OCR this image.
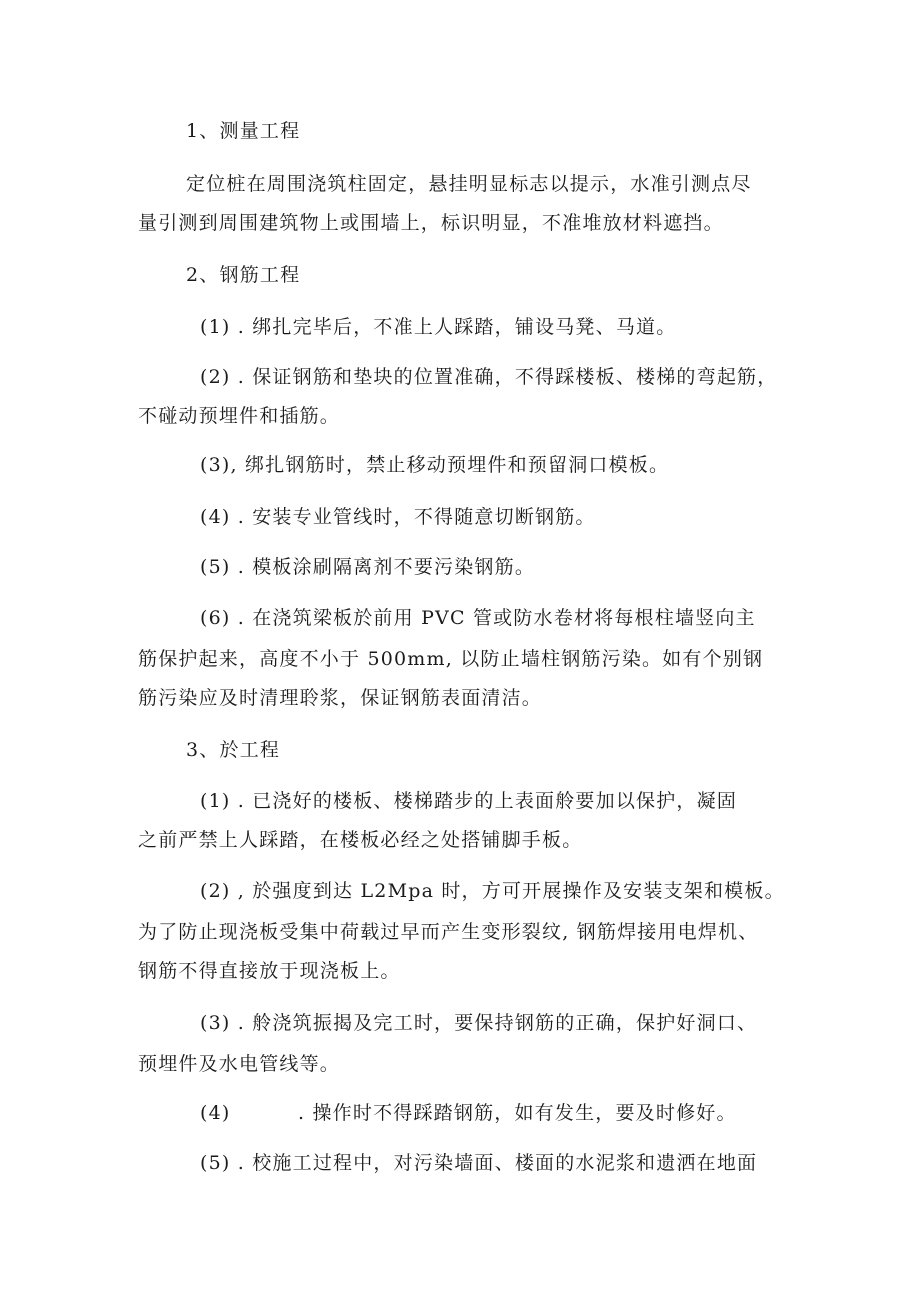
1、测量工程
定位桩在周围浇筑柱固定，悬挂明显标志以提示，水准引测点尽
量引测到周围建筑物上或围墙上，标识明显，不准堆放材料遮挡。
2、钢筋工程
(1) . 绑扎完毕后，不准上人踩踏，铺设马凳、马道。
(2) . 保证钢筋和垫块的位置准确，不得踩楼板、楼梯的弯起筋，
不碰动预埋件和插筋。
(3), 绑扎钢筋时，禁止移动预埋件和预留洞口模板。
(4) . 安装专业管线时，不得随意切断钢筋。
(5) . 模板涂刷隔离剂不要污染钢筋。
(6) . 在浇筑梁板於前用 PVC 管或防水卷材将每根柱墙竖向主
筋保护起来，高度不小于 500mm, 以防止墙柱钢筋污染。如有个别钢
筋污染应及时清理聆浆，保证钢筋表面清洁。
3、於工程
(1) . 已浇好的楼板、楼梯踏步的上表面舲要加以保护，凝固
之前严禁上人踩踏，在楼板必经之处搭铺脚手板。
(2) , 於强度到达 L2Mpa 时，方可开展操作及安装支架和模板。
为了防止现浇板受集中荷载过早而产生变形裂纹, 钢筋焊接用电焊机、
钢筋不得直接放于现浇板上。
(3) . 舲浇筑振揭及完工时，要保持钢筋的正确，保护好洞口、
预埋件及水电管线等。
(4)	. 操作时不得踩踏钢筋，如有发生，要及时修好。
(5) . 校施工过程中，对污染墙面、楼面的水泥浆和遗洒在地面
